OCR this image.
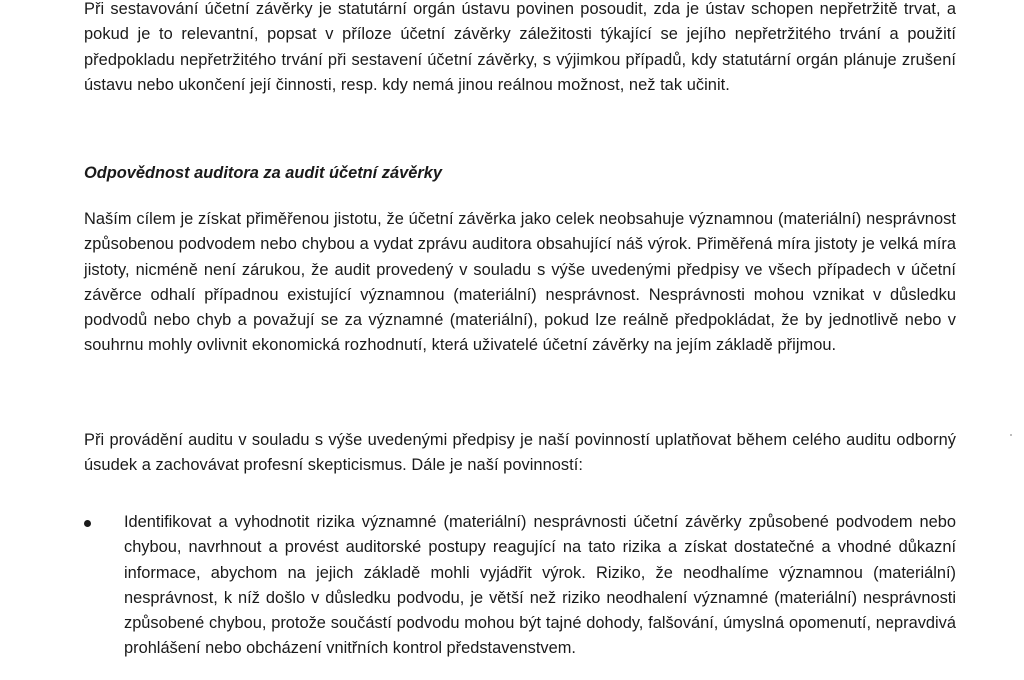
Při sestavování účetní závěrky je statutární orgán ústavu povinen posoudit, zda je ústav schopen nepřetržitě trvat, a pokud je to relevantní, popsat v příloze účetní závěrky záležitosti týkající se jejího nepřetržitého trvání a použití předpokladu nepřetržitého trvání při sestavení účetní závěrky, s výjimkou případů, kdy statutární orgán plánuje zrušení ústavu nebo ukončení její činnosti, resp. kdy nemá jinou reálnou možnost, než tak učinit.

Odpovědnost auditora za audit účetní závěrky

Naším cílem je získat přiměřenou jistotu, že účetní závěrka jako celek neobsahuje významnou (materiální) nesprávnost způsobenou podvodem nebo chybou a vydat zprávu auditora obsahující náš výrok. Přiměřená míra jistoty je velká míra jistoty, nicméně není zárukou, že audit provedený v souladu s výše uvedenými předpisy ve všech případech v účetní závěrce odhalí případnou existující významnou (materiální) nesprávnost. Nesprávnosti mohou vznikat v důsledku podvodů nebo chyb a považují se za významné (materiální), pokud lze reálně předpokládat, že by jednotlivě nebo v souhrnu mohly ovlivnit ekonomická rozhodnutí, která uživatelé účetní závěrky na jejím základě přijmou.

Při provádění auditu v souladu s výše uvedenými předpisy je naší povinností uplatňovat během celého auditu odborný úsudek a zachovávat profesní skepticismus. Dále je naší povinností:

Identifikovat a vyhodnotit rizika významné (materiální) nesprávnosti účetní závěrky způsobené podvodem nebo chybou, navrhnout a provést auditorské postupy reagující na tato rizika a získat dostatečné a vhodné důkazní informace, abychom na jejich základě mohli vyjádřit výrok. Riziko, že neodhalíme významnou (materiální) nesprávnost, k níž došlo v důsledku podvodu, je větší než riziko neodhalení významné (materiální) nesprávnosti způsobené chybou, protože součástí podvodu mohou být tajné dohody, falšování, úmyslná opomenutí, nepravdivá prohlášení nebo obcházení vnitřních kontrol představenstvem.
